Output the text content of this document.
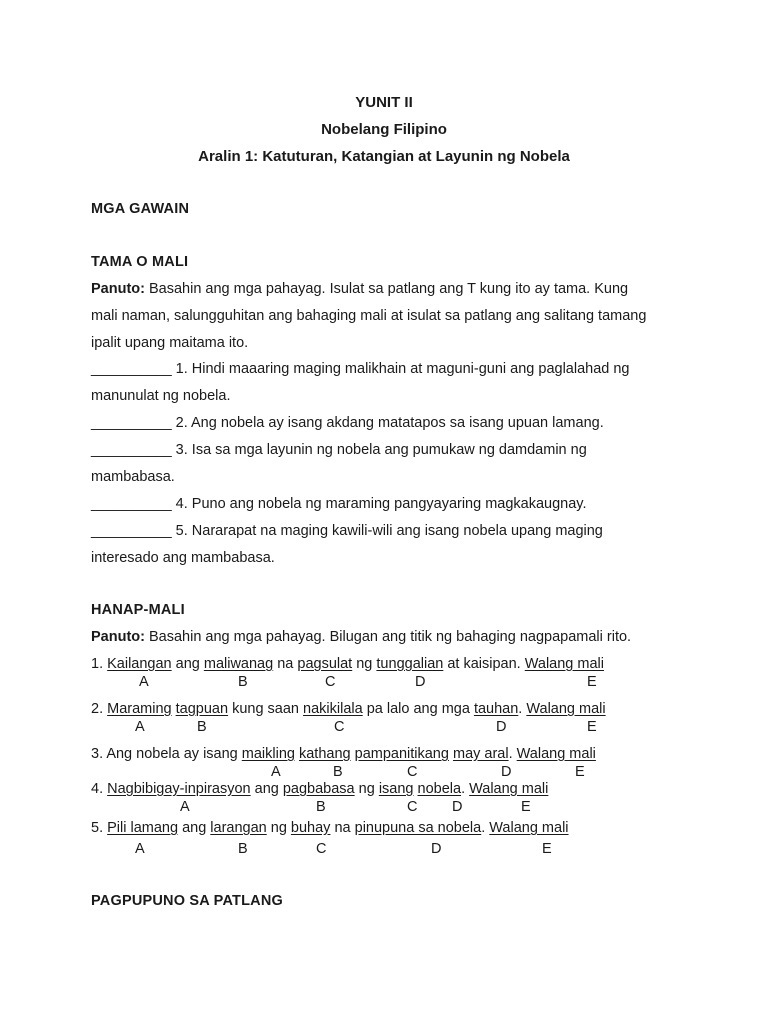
YUNIT II
Nobelang Filipino
Aralin 1: Katuturan, Katangian at Layunin ng Nobela
MGA GAWAIN
TAMA O MALI
Panuto: Basahin ang mga pahayag. Isulat sa patlang ang T kung ito ay tama. Kung
mali naman, salungguhitan ang bahaging mali at isulat sa patlang ang salitang tamang
ipalit upang maitama ito.
__________ 1. Hindi maaaring maging malikhain at maguni-guni ang paglalahad ng
manunulat ng nobela.
__________ 2. Ang nobela ay isang akdang matatapos sa isang upuan lamang.
__________ 3. Isa sa mga layunin ng nobela ang pumukaw ng damdamin ng
mambabasa.
__________ 4. Puno ang nobela ng maraming pangyayaring magkakaugnay.
__________ 5. Nararapat na maging kawili-wili ang isang nobela upang maging
interesado ang mambabasa.
HANAP-MALI
Panuto: Basahin ang mga pahayag. Bilugan ang titik ng bahaging nagpapamali rito.
1. Kailangan ang maliwanag na pagsulat ng tunggalian at kaisipan. Walang mali
A	B	C	D	E
2. Maraming tagpuan kung saan nakikilala pa lalo ang mga tauhan. Walang mali
A	B	C	D	E
3. Ang nobela ay isang maikling kathang pampanitikang may aral. Walang mali
A	B	C	D	E
4. Nagbibigay-inpirasyon ang pagbabasa ng isang nobela. Walang mali
A	B	C D	E
5. Pili lamang ang larangan ng buhay na pinupuna sa nobela. Walang mali
A	B	C	D	E
PAGPUPUNO SA PATLANG
